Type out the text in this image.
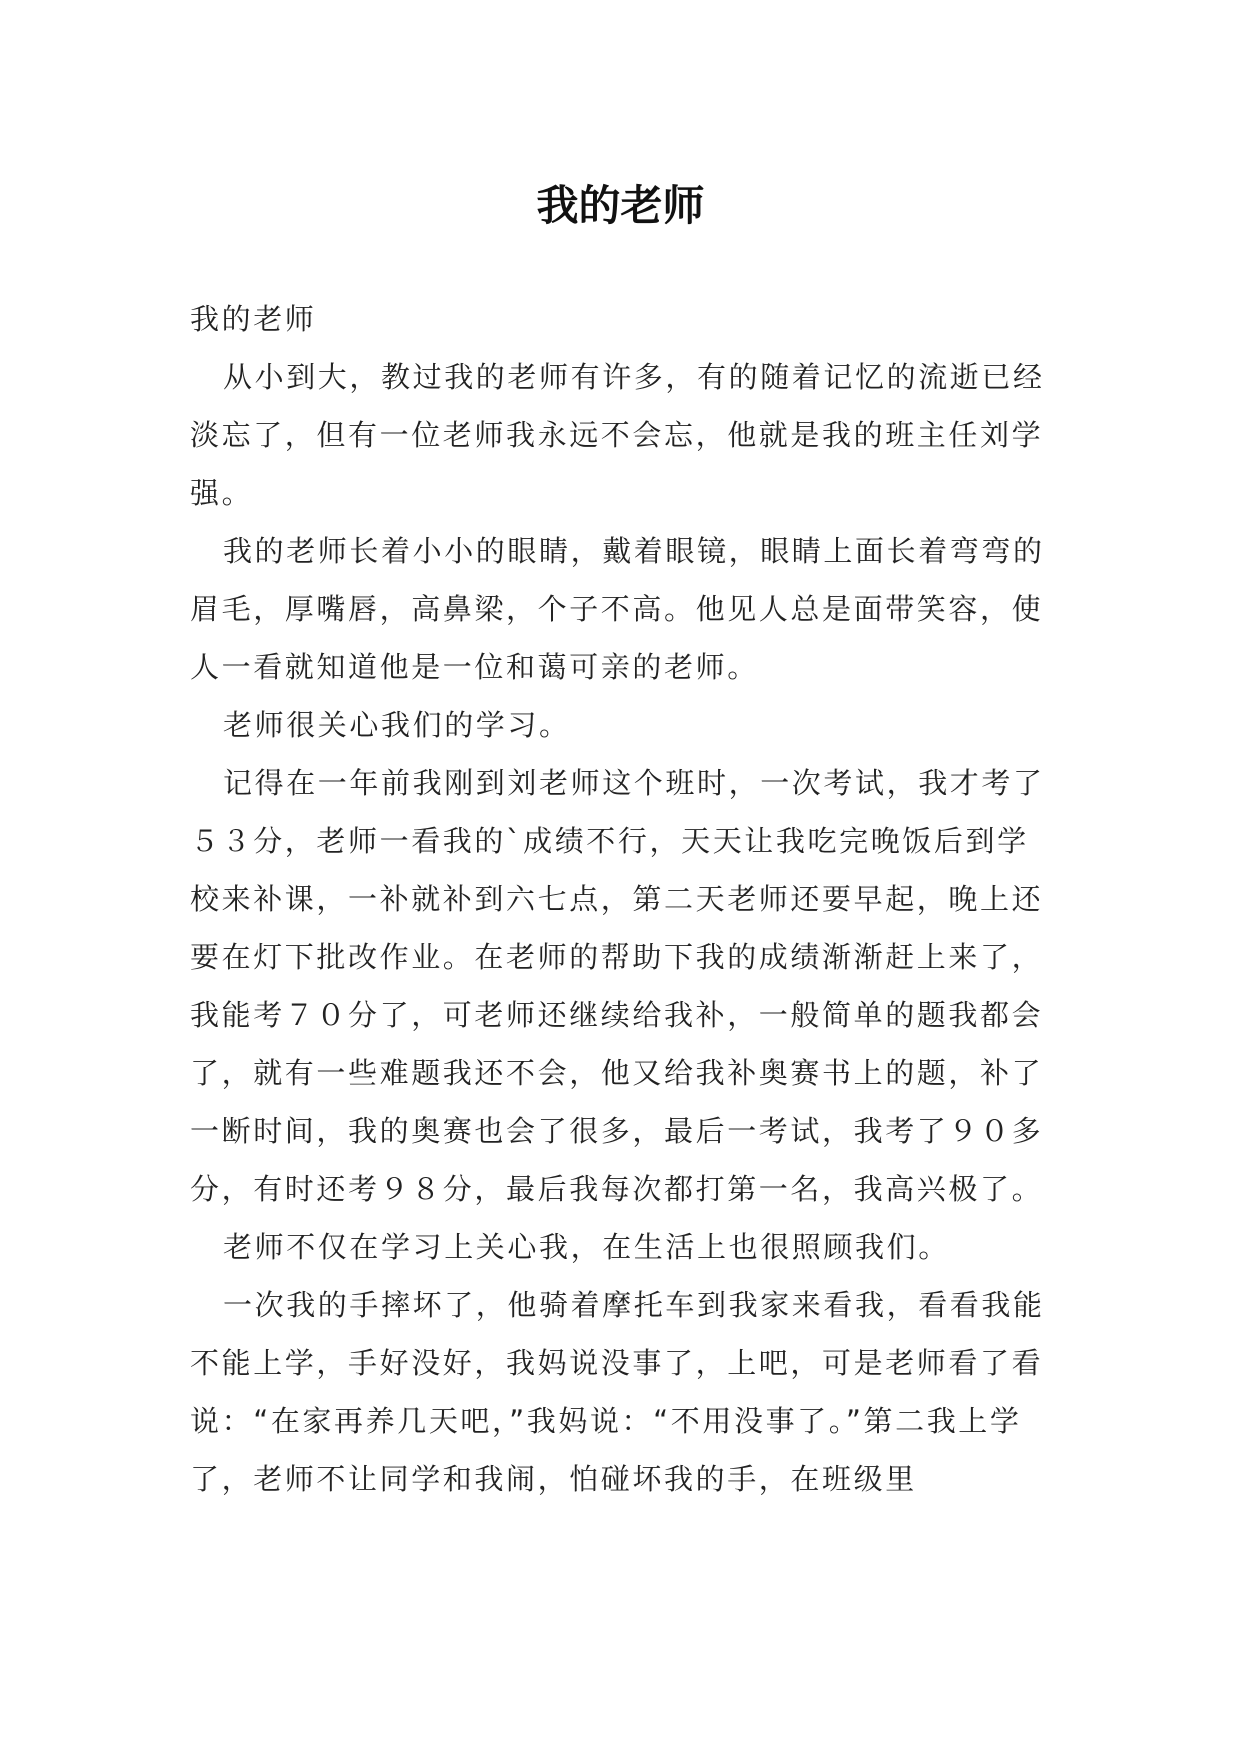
我的老师

我的老师

从小到大，教过我的老师有许多，有的随着记忆的流逝已经淡忘了，但有一位老师我永远不会忘，他就是我的班主任刘学强。

我的老师长着小小的眼睛，戴着眼镜，眼睛上面长着弯弯的眉毛，厚嘴唇，高鼻梁，个子不高。他见人总是面带笑容，使人一看就知道他是一位和蔼可亲的老师。

老师很关心我们的学习。

记得在一年前我刚到刘老师这个班时，一次考试，我才考了５３分，老师一看我的`成绩不行，天天让我吃完晚饭后到学校来补课，一补就补到六七点，第二天老师还要早起，晚上还要在灯下批改作业。在老师的帮助下我的成绩渐渐赶上来了，我能考７０分了，可老师还继续给我补，一般简单的题我都会了，就有一些难题我还不会，他又给我补奥赛书上的题，补了一断时间，我的奥赛也会了很多，最后一考试，我考了９０多分，有时还考９８分，最后我每次都打第一名，我高兴极了。

老师不仅在学习上关心我，在生活上也很照顾我们。

一次我的手摔坏了，他骑着摩托车到我家来看我，看看我能不能上学，手好没好，我妈说没事了，上吧，可是老师看了看说：“在家再养几天吧，”我妈说：“不用没事了。”第二我上学了，老师不让同学和我闹，怕碰坏我的手，在班级里
